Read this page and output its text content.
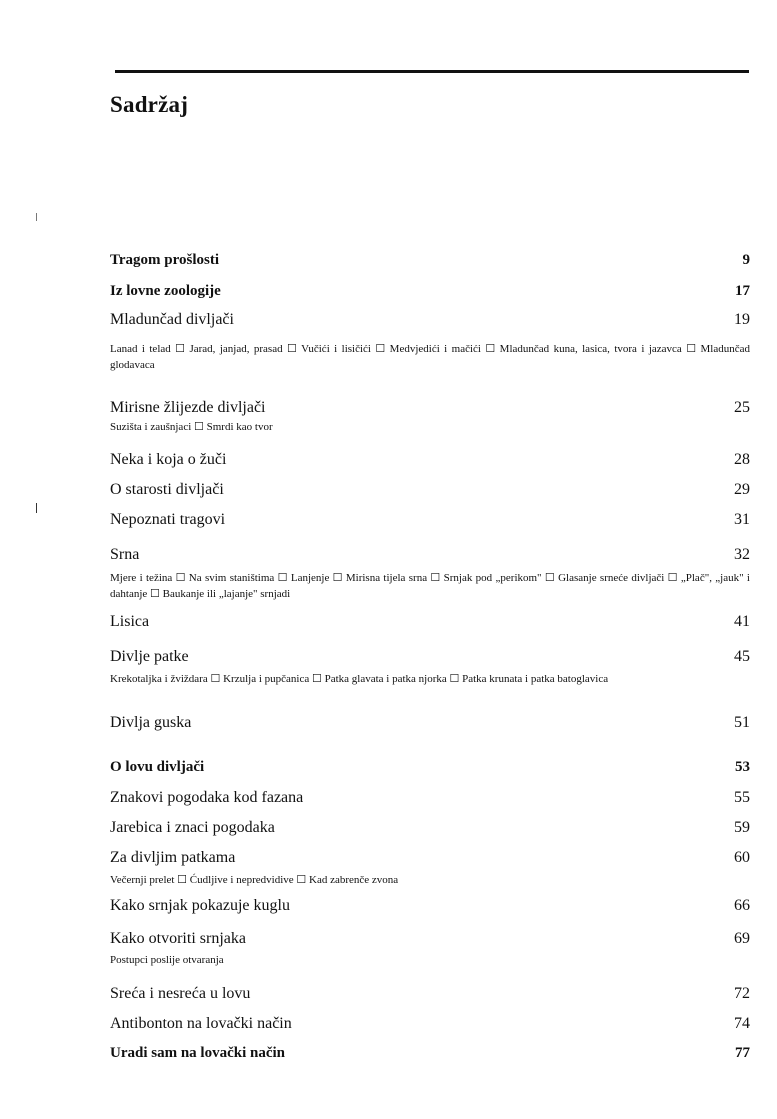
Sadržaj
Tragom prošlosti	9
Iz lovne zoologije	17
Mladunčad divljači	19
Lanad i telad ☐ Jarad, janjad, prasad ☐ Vučići i lisičići ☐ Medvjedići i mačići ☐ Mladunčad kuna, lasica, tvora i jazavca ☐ Mladunčad glodavaca
Mirisne žlijezde divljači	25
Suzišta i zaušnjaci ☐ Smrdi kao tvor
Neka i koja o žuči	28
O starosti divljači	29
Nepoznati tragovi	31
Srna	32
Mjere i težina ☐ Na svim staništima ☐ Lanjenje ☐ Mirisna tijela srna ☐ Srnjak pod „perikom" ☐ Glasanje srneće divljači ☐ „Plač", „jauk" i dahtanje ☐ Baukanje ili „lajanje" srnjadi
Lisica	41
Divlje patke	45
Krekotaljka i žviždara ☐ Krzulja i pupčanica ☐ Patka glavata i patka njorka ☐ Patka krunata i patka batoglavica
Divlja guska	51
O lovu divljači	53
Znakovi pogodaka kod fazana	55
Jarebica i znaci pogodaka	59
Za divljim patkama	60
Večernji prelet ☐ Ćudljive i nepredvidive ☐ Kad zabrenče zvona
Kako srnjak pokazuje kuglu	66
Kako otvoriti srnjaka	69
Postupci poslije otvaranja
Sreća i nesreća u lovu	72
Antibonton na lovački način	74
Uradi sam na lovački način	77
